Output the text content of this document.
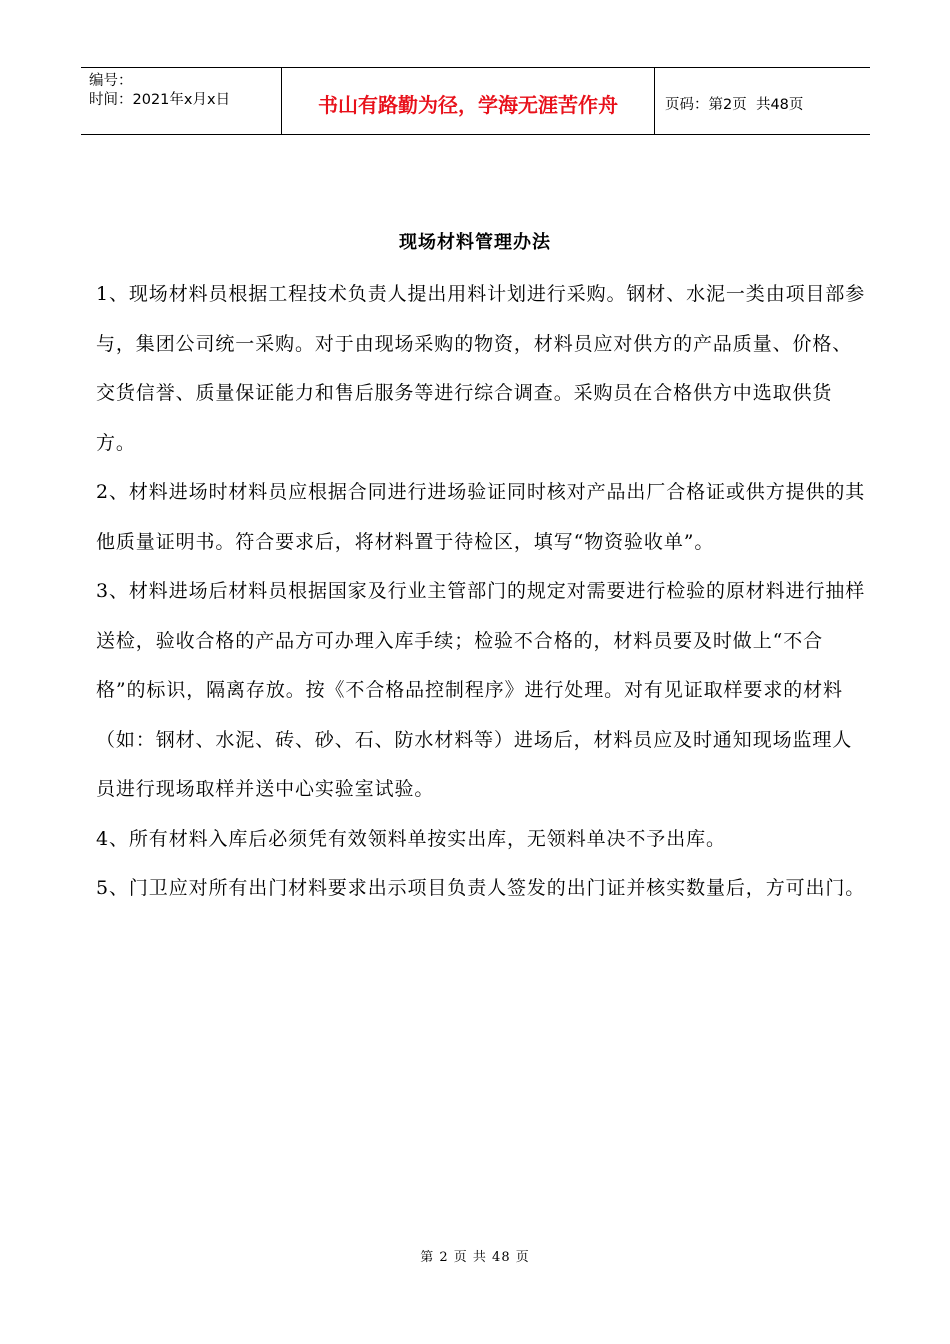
编号：
时间：2021年x月x日	书山有路勤为径，学海无涯苦作舟	页码：第2页  共48页
现场材料管理办法

1、现场材料员根据工程技术负责人提出用料计划进行采购。钢材、水泥一类由项目部参与，集团公司统一采购。对于由现场采购的物资，材料员应对供方的产品质量、价格、交货信誉、质量保证能力和售后服务等进行综合调查。采购员在合格供方中选取供货方。

2、材料进场时材料员应根据合同进行进场验证同时核对产品出厂合格证或供方提供的其他质量证明书。符合要求后，将材料置于待检区，填写“物资验收单”。

3、材料进场后材料员根据国家及行业主管部门的规定对需要进行检验的原材料进行抽样送检，验收合格的产品方可办理入库手续；检验不合格的，材料员要及时做上“不合格”的标识，隔离存放。按《不合格品控制程序》进行处理。对有见证取样要求的材料（如：钢材、水泥、砖、砂、石、防水材料等）进场后，材料员应及时通知现场监理人员进行现场取样并送中心实验室试验。

4、所有材料入库后必须凭有效领料单按实出库，无领料单决不予出库。

5、门卫应对所有出门材料要求出示项目负责人签发的出门证并核实数量后，方可出门。

第 2 页 共 48 页
